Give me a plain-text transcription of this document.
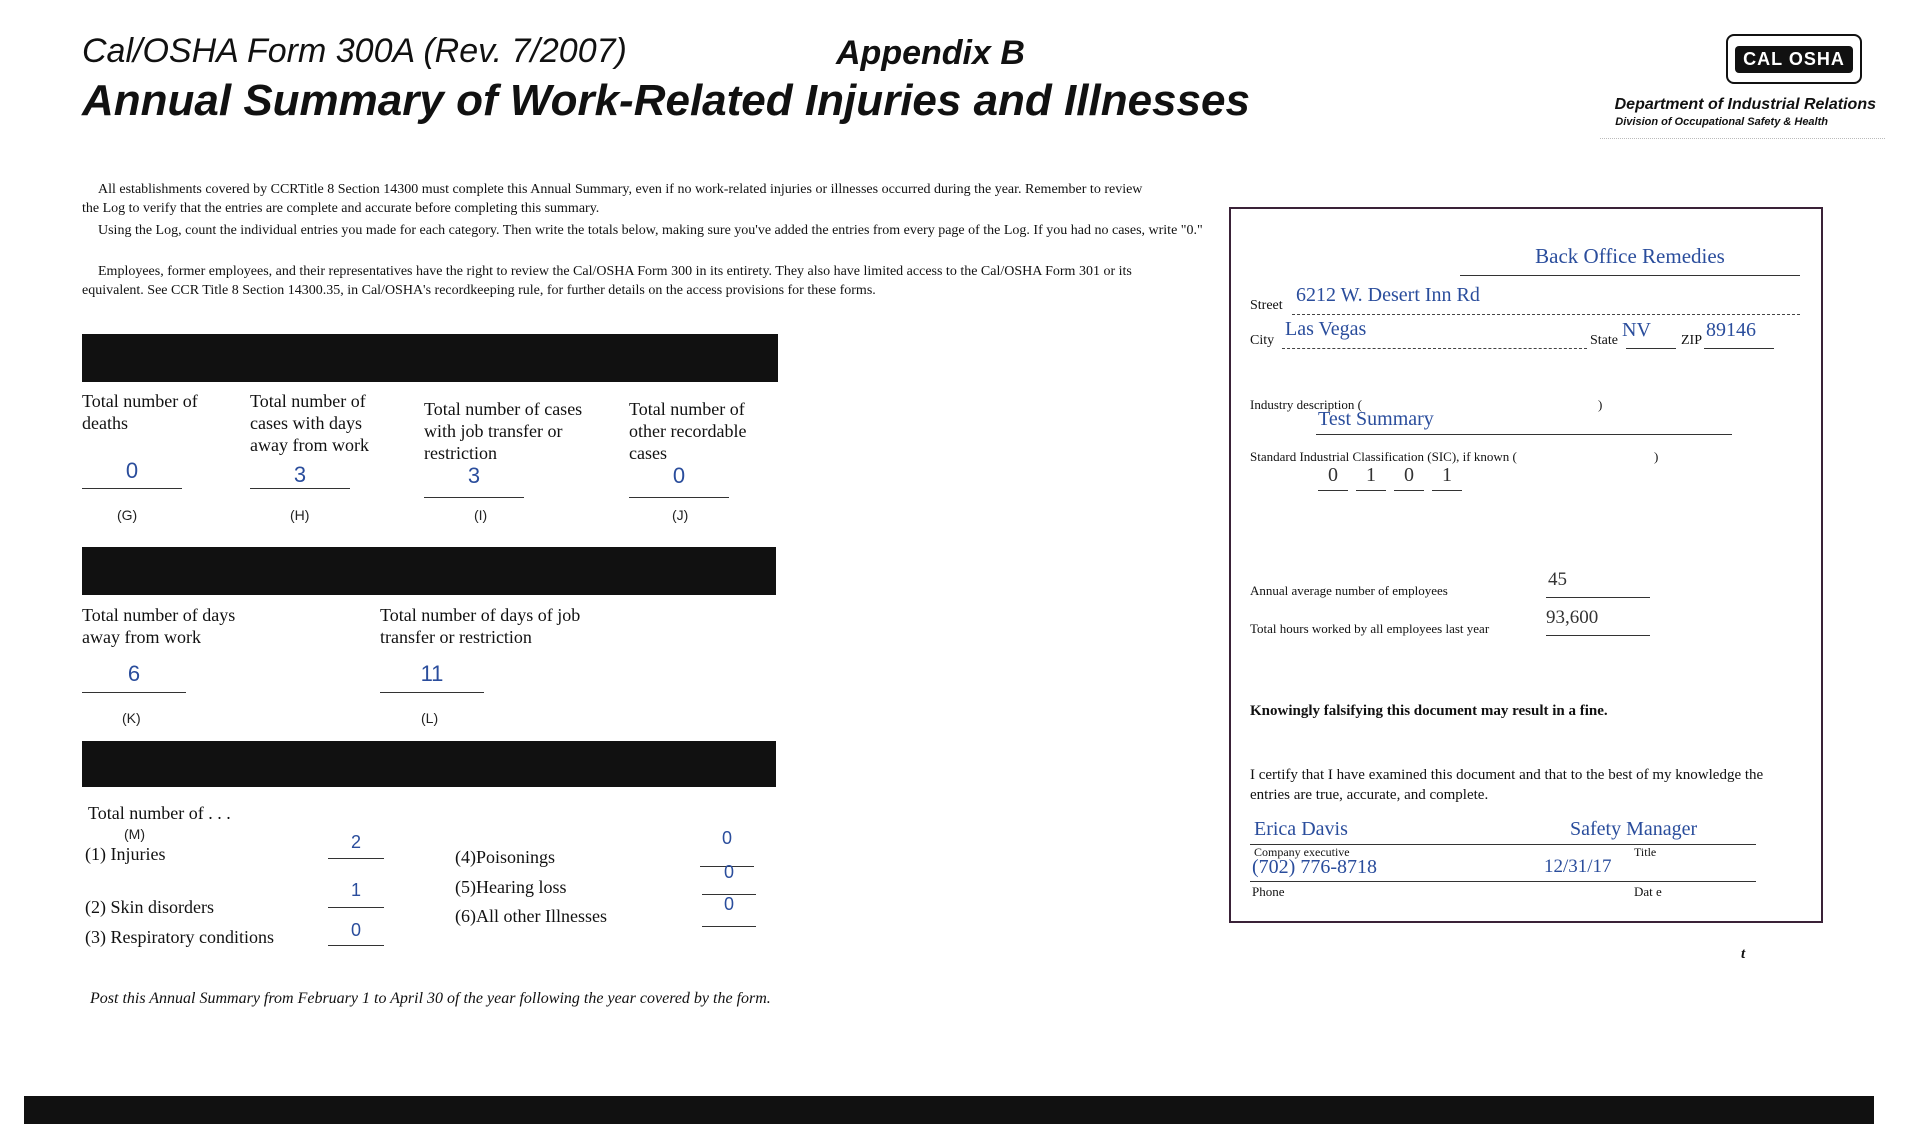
Cal/OSHA Form 300A (Rev. 7/2007)	Appendix B
Annual Summary of Work-Related Injuries and Illnesses
CAL OSHA
Department of Industrial Relations
Division of Occupational Safety & Health
All establishments covered by CCRTitle 8 Section 14300 must complete this Annual Summary, even if no work-related injuries or illnesses occurred during the year. Remember to review the Log to verify that the entries are complete and accurate before completing this summary.
Using the Log, count the individual entries you made for each category. Then write the totals below, making sure you've added the entries from every page of the Log. If you had no cases, write "0."
Employees, former employees, and their representatives have the right to review the Cal/OSHA Form 300 in its entirety. They also have limited access to the Cal/OSHA Form 301 or its equivalent. See CCR Title 8 Section 14300.35, in Cal/OSHA's recordkeeping rule, for further details on the access provisions for these forms.
Total number of deaths
0
(G)
Total number of cases with days away from work
3
(H)
Total number of cases with job transfer or restriction
3
(I)
Total number of other recordable cases
0
(J)
Total number of days away from work
6
(K)
Total number of days of job transfer or restriction
11
(L)
Total number of . . .
(M)
(1) Injuries
2
(2) Skin disorders
1
(3) Respiratory conditions	0
(4)Poisonings
0
(5)Hearing loss
0
(6)All other Illnesses
0
Post this Annual Summary from February 1 to April 30 of the year following the year covered by the form.
Back Office Remedies
Street 6212 W. Desert Inn Rd
City
Las Vegas
State NV ZIP 89146
Industry description (	)
Test Summary
Standard Industrial Classification (SIC), if known (	)
0	1	0	1
Annual average number of employees
45
Total hours worked by all employees last year
93,600
Knowingly falsifying this document may result in a fine.
I certify that I have examined this document and that to the best of my knowledge the entries are true, accurate, and complete.
Erica Davis	Safety Manager
Company executive	Title
(702) 776-8718	12/31/17
Phone	Dat e
t
